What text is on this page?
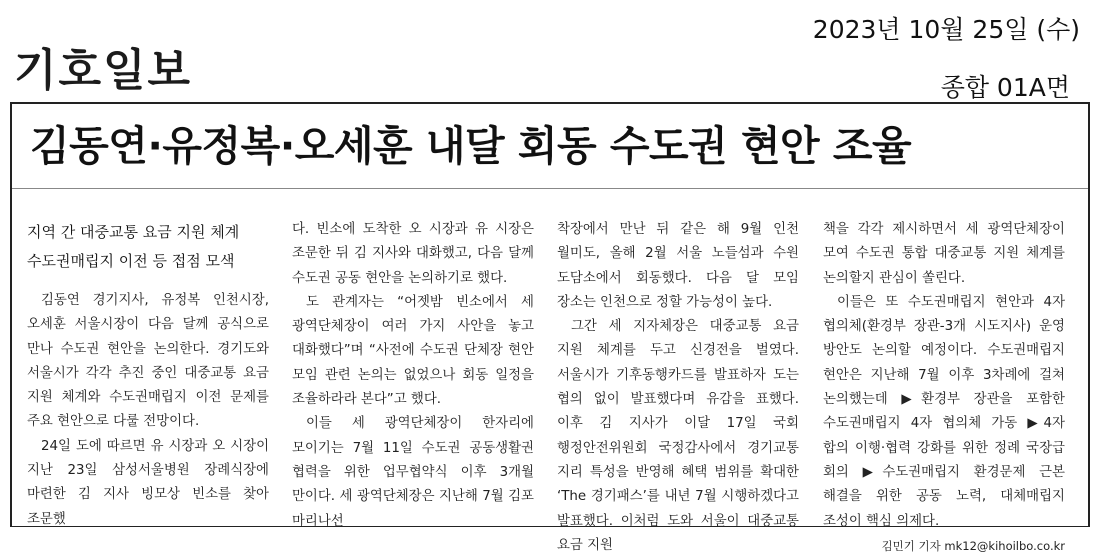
기호일보
2023년 10월 25일 (수)
종합 01A면
김동연·유정복·오세훈 내달 회동 수도권 현안 조율
지역 간 대중교통 요금 지원 체계
수도권매립지 이전 등 접점 모색

김동연 경기지사, 유정복 인천시장, 오세훈 서울시장이 다음 달께 공식으로 만나 수도권 현안을 논의한다. 경기도와 서울시가 각각 추진 중인 대중교통 요금 지원 체계와 수도권매립지 이전 문제를 주요 현안으로 다룰 전망이다.

24일 도에 따르면 유 시장과 오 시장이 지난 23일 삼성서울병원 장례식장에 마련한 김 지사 빙모상 빈소를 찾아 조문했

다. 빈소에 도착한 오 시장과 유 시장은 조문한 뒤 김 지사와 대화했고, 다음 달께 수도권 공동 현안을 논의하기로 했다.

도 관계자는 “어젯밤 빈소에서 세 광역단체장이 여러 가지 사안을 놓고 대화했다”며 “사전에 수도권 단체장 현안 모임 관련 논의는 없었으나 회동 일정을 조율하라라 본다”고 했다.

이들 세 광역단체장이 한자리에 모이기는 7월 11일 수도권 공동생활권 협력을 위한 업무협약식 이후 3개월 만이다. 세 광역단체장은 지난해 7월 김포 마리나선

착장에서 만난 뒤 같은 해 9월 인천 월미도, 올해 2월 서울 노들섬과 수원 도담소에서 회동했다. 다음 달 모임 장소는 인천으로 정할 가능성이 높다.

그간 세 지자체장은 대중교통 요금 지원 체계를 두고 신경전을 벌였다. 서울시가 기후동행카드를 발표하자 도는 협의 없이 발표했다며 유감을 표했다. 이후 김 지사가 이달 17일 국회 행정안전위원회 국정감사에서 경기교통 지리 특성을 반영해 혜택 범위를 확대한 ‘The 경기패스’를 내년 7월 시행하겠다고 발표했다. 이처럼 도와 서울이 대중교통 요금 지원

책을 각각 제시하면서 세 광역단체장이 모여 수도권 통합 대중교통 지원 체계를 논의할지 관심이 쏠린다.

이들은 또 수도권매립지 현안과 4자 협의체(환경부 장관-3개 시도지사) 운영 방안도 논의할 예정이다. 수도권매립지 현안은 지난해 7월 이후 3차례에 걸쳐 논의했는데 ▶환경부 장관을 포함한 수도권매립지 4자 협의체 가동 ▶4자 합의 이행·협력 강화를 위한 정례 국장급 회의 ▶수도권매립지 환경문제 근본 해결을 위한 공동 노력, 대체매립지 조성이 핵심 의제다.

김민기 기자 mk12@kihoilbo.co.kr
